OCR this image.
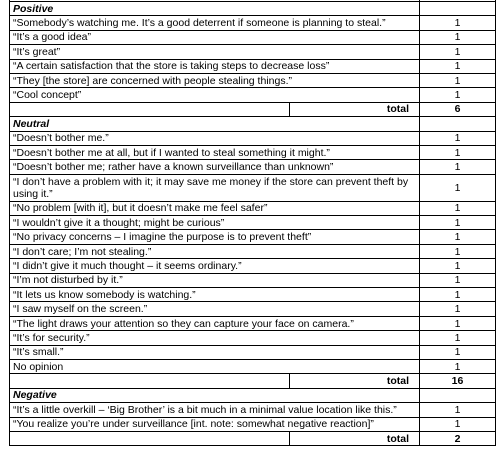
Positive		
“Somebody’s watching me. It’s a good deterrent if someone is planning to steal.”		1
“It’s a good idea”		1
“It’s great”		1
“A certain satisfaction that the store is taking steps to decrease loss”		1
“They [the store] are concerned with people stealing things.”		1
“Cool concept”		1
	total	6
Neutral		
“Doesn’t bother me.”		1
“Doesn’t bother me at all, but if I wanted to steal something it might.”		1
“Doesn’t bother me; rather have a known surveillance than unknown”		1
“I don’t have a problem with it; it may save me money if the store can prevent theft by using it.”		1
“No problem [with it], but it doesn’t make me feel safer”		1
“I wouldn’t give it a thought; might be curious”		1
“No privacy concerns – I imagine the purpose is to prevent theft”		1
“I don’t care; I’m not stealing.”		1
“I didn’t give it much thought – it seems ordinary.”		1
“I’m not disturbed by it.”		1
“It lets us know somebody is watching.”		1
“I saw myself on the screen.”		1
“The light draws your attention so they can capture your face on camera.”		1
“It’s for security.”		1
“It’s small.”		1
No opinion		1
	total	16
Negative		
“It’s a little overkill – ‘Big Brother’ is a bit much in a minimal value location like this.”		1
“You realize you’re under surveillance [int. note: somewhat negative reaction]”		1
	total	2
